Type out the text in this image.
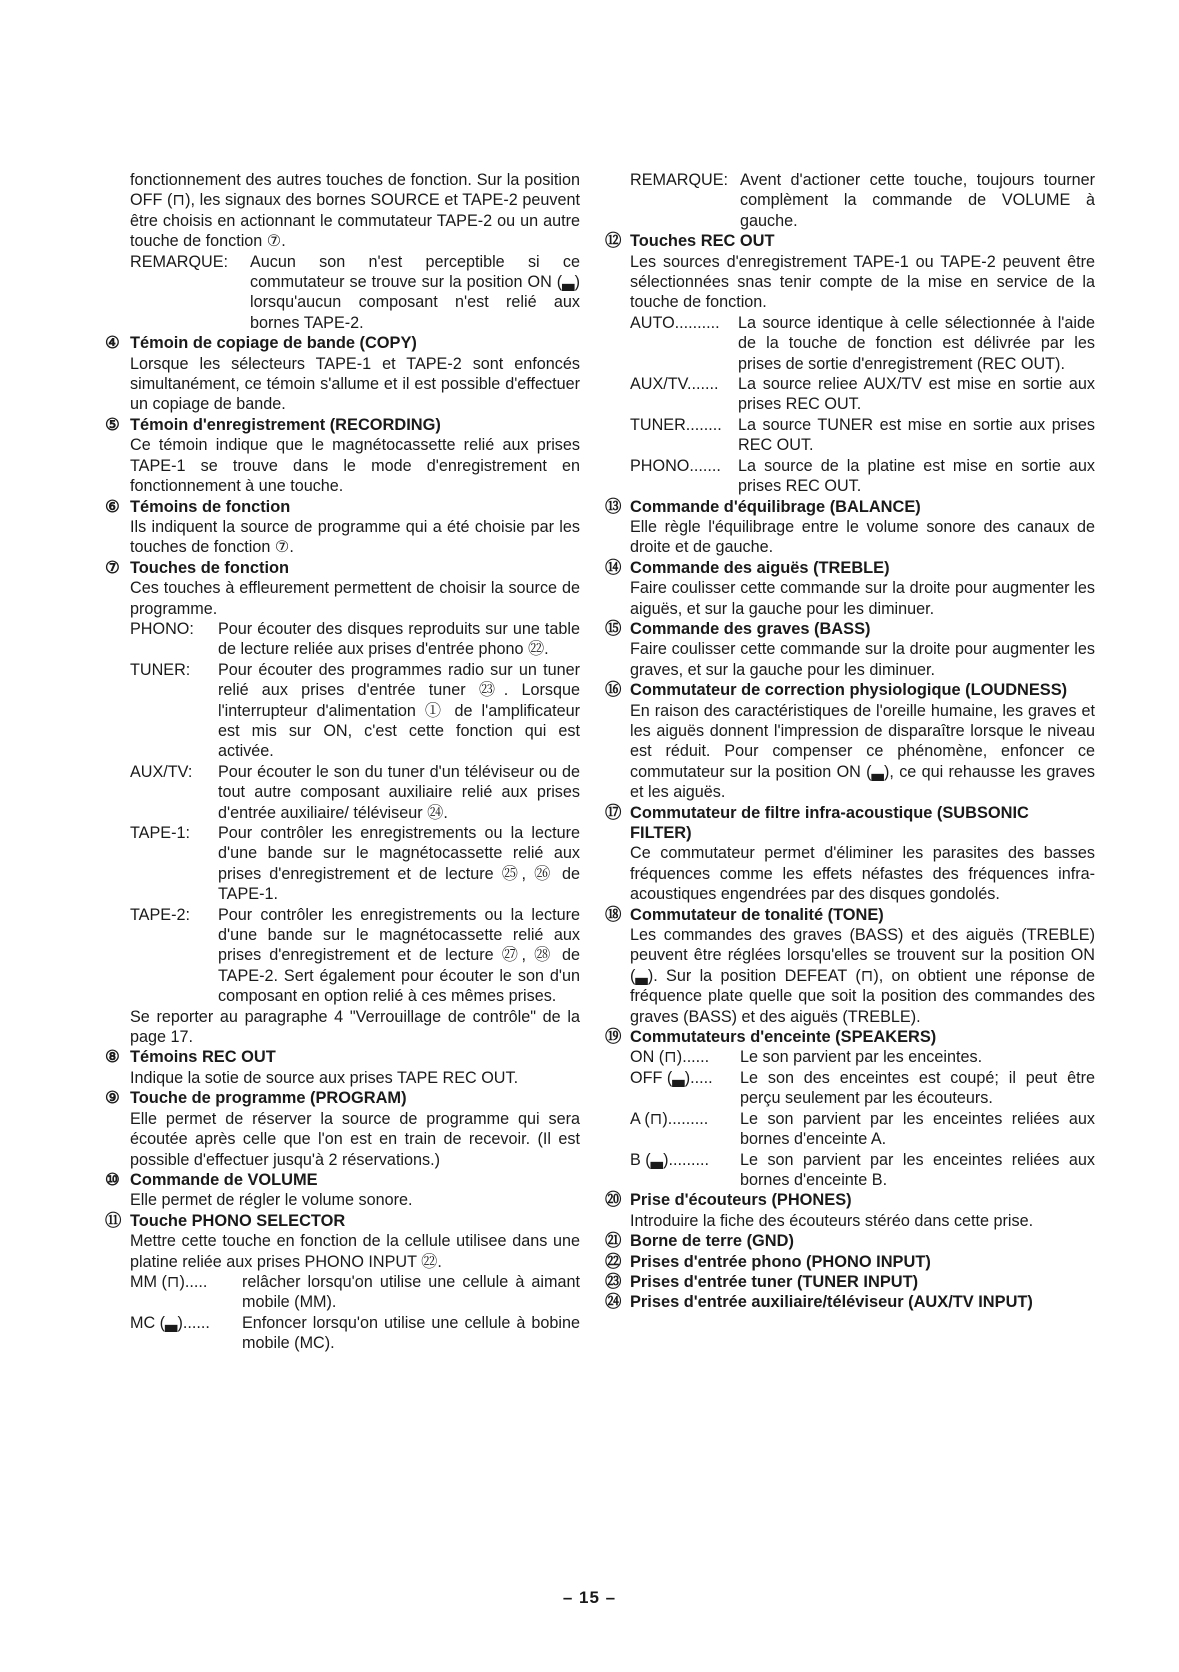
fonctionnement des autres touches de fonction. Sur la position OFF (⊓), les signaux des bornes SOURCE et TAPE-2 peuvent être choisis en actionnant le commutateur TAPE-2 ou un autre touche de fonction ⑦.
REMARQUE:	Aucun son n'est perceptible si ce commutateur se trouve sur la position ON (▃) lorsqu'aucun composant n'est relié aux bornes TAPE-2.
④ Témoin de copiage de bande (COPY)
Lorsque les sélecteurs TAPE-1 et TAPE-2 sont enfoncés simultanément, ce témoin s'allume et il est possible d'effectuer un copiage de bande.
⑤ Témoin d'enregistrement (RECORDING)
Ce témoin indique que le magnétocassette relié aux prises TAPE-1 se trouve dans le mode d'enregistrement en fonctionnement à une touche.
⑥ Témoins de fonction
Ils indiquent la source de programme qui a été choisie par les touches de fonction ⑦.
⑦ Touches de fonction
Ces touches à effleurement permettent de choisir la source de programme.
PHONO:	Pour écouter des disques reproduits sur une table de lecture reliée aux prises d'entrée phono ㉒.
TUNER:	Pour écouter des programmes radio sur un tuner relié aux prises d'entrée tuner ㉓. Lorsque l'interrupteur d'alimentation ① de l'amplificateur est mis sur ON, c'est cette fonction qui est activée.
AUX/TV:	Pour écouter le son du tuner d'un téléviseur ou de tout autre composant auxiliaire relié aux prises d'entrée auxiliaire/ téléviseur ㉔.
TAPE-1:	Pour contrôler les enregistrements ou la lecture d'une bande sur le magnétocassette relié aux prises d'enregistrement et de lecture ㉕, ㉖ de TAPE-1.
TAPE-2:	Pour contrôler les enregistrements ou la lecture d'une bande sur le magnétocassette relié aux prises d'enregistrement et de lecture ㉗, ㉘ de TAPE-2. Sert également pour écouter le son d'un composant en option relié à ces mêmes prises.
Se reporter au paragraphe 4 "Verrouillage de contrôle" de la page 17.
⑧ Témoins REC OUT
Indique la sotie de source aux prises TAPE REC OUT.
⑨ Touche de programme (PROGRAM)
Elle permet de réserver la source de programme qui sera écoutée après celle que l'on est en train de recevoir. (Il est possible d'effectuer jusqu'à 2 réservations.)
⑩ Commande de VOLUME
Elle permet de régler le volume sonore.
⑪ Touche PHONO SELECTOR
Mettre cette touche en fonction de la cellule utilisee dans une platine reliée aux prises PHONO INPUT ㉒.
MM (⊓).....	relâcher lorsqu'on utilise une cellule à aimant mobile (MM).
MC (▃)......	Enfoncer lorsqu'on utilise une cellule à bobine mobile (MC).
REMARQUE: Avent d'actioner cette touche, toujours tourner complèment la commande de VOLUME à gauche.
⑫ Touches REC OUT
Les sources d'enregistrement TAPE-1 ou TAPE-2 peuvent être sélectionnées snas tenir compte de la mise en service de la touche de fonction.
AUTO..........	La source identique à celle sélectionnée à l'aide de la touche de fonction est délivrée par les prises de sortie d'enregistrement (REC OUT).
AUX/TV.......	La source reliee AUX/TV est mise en sortie aux prises REC OUT.
TUNER........	La source TUNER est mise en sortie aux prises REC OUT.
PHONO.......	La source de la platine est mise en sortie aux prises REC OUT.
⑬ Commande d'équilibrage (BALANCE)
Elle règle l'équilibrage entre le volume sonore des canaux de droite et de gauche.
⑭ Commande des aiguës (TREBLE)
Faire coulisser cette commande sur la droite pour augmenter les aiguës, et sur la gauche pour les diminuer.
⑮ Commande des graves (BASS)
Faire coulisser cette commande sur la droite pour augmenter les graves, et sur la gauche pour les diminuer.
⑯ Commutateur de correction physiologique (LOUDNESS)
En raison des caractéristiques de l'oreille humaine, les graves et les aiguës donnent l'impression de disparaître lorsque le niveau est réduit. Pour compenser ce phénomène, enfoncer ce commutateur sur la position ON (▃), ce qui rehausse les graves et les aiguës.
⑰ Commutateur de filtre infra-acoustique (SUBSONIC FILTER)
Ce commutateur permet d'éliminer les parasites des basses fréquences comme les effets néfastes des fréquences infra-acoustiques engendrées par des disques gondolés.
⑱ Commutateur de tonalité (TONE)
Les commandes des graves (BASS) et des aiguës (TREBLE) peuvent être réglées lorsqu'elles se trouvent sur la position ON (▃). Sur la position DEFEAT (⊓), on obtient une réponse de fréquence plate quelle que soit la position des commandes des graves (BASS) et des aiguës (TREBLE).
⑲ Commutateurs d'enceinte (SPEAKERS)
ON (⊓)......	Le son parvient par les enceintes.
OFF (▃).....	Le son des enceintes est coupé; il peut être perçu seulement par les écouteurs.
A (⊓).........	Le son parvient par les enceintes reliées aux bornes d'enceinte A.
B (▃).........	Le son parvient par les enceintes reliées aux bornes d'enceinte B.
⑳ Prise d'écouteurs (PHONES)
Introduire la fiche des écouteurs stéréo dans cette prise.
㉑ Borne de terre (GND)
㉒ Prises d'entrée phono (PHONO INPUT)
㉓ Prises d'entrée tuner (TUNER INPUT)
㉔ Prises d'entrée auxiliaire/téléviseur (AUX/TV INPUT)
– 15 –
